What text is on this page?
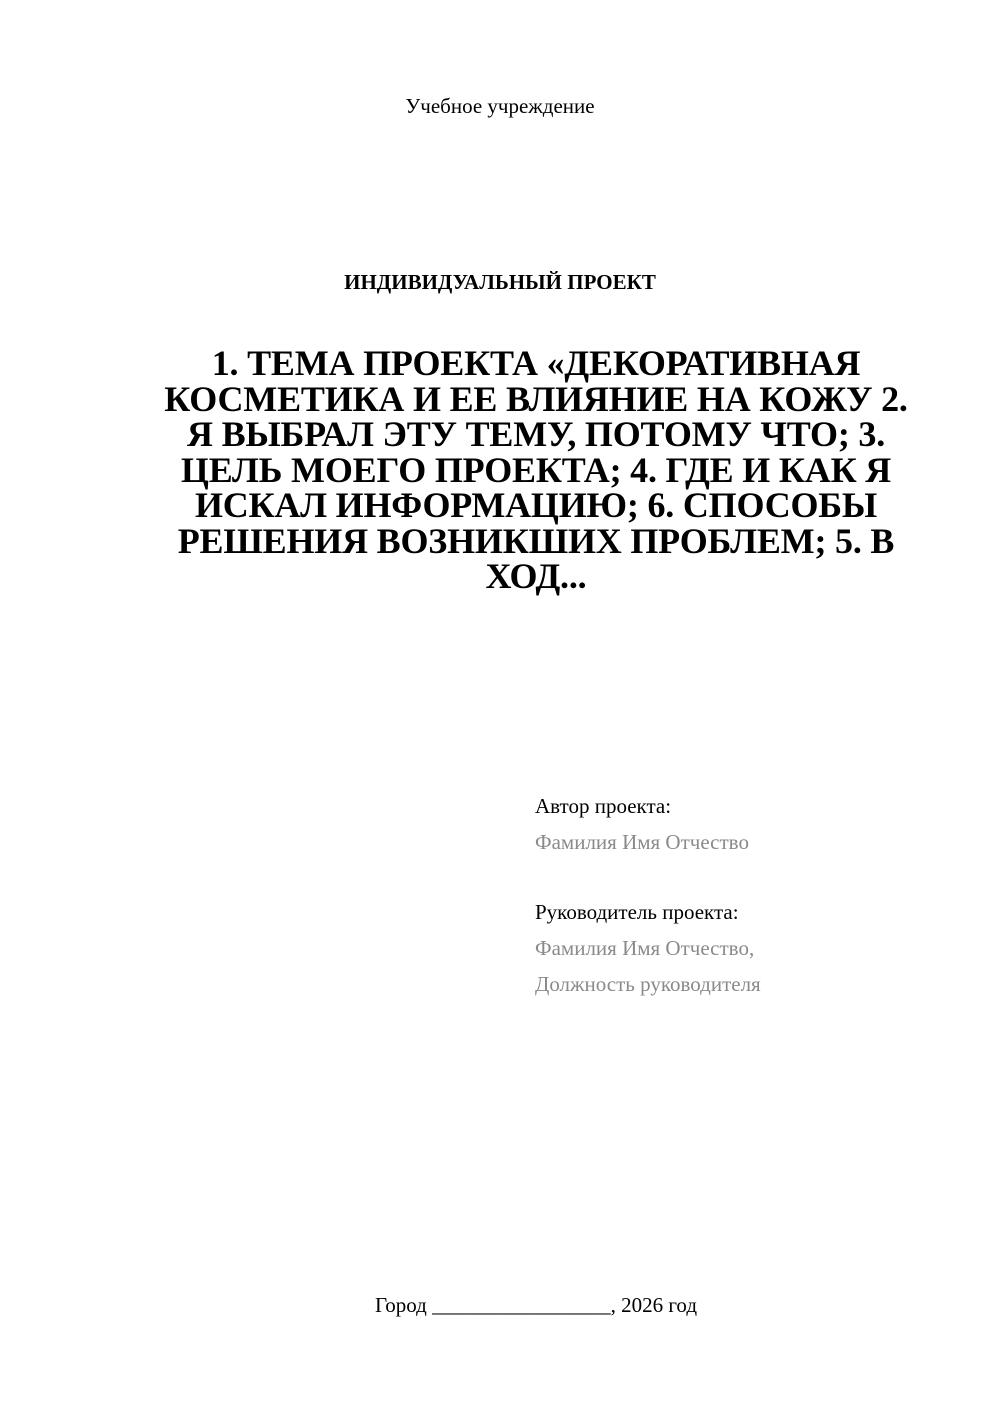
Учебное учреждение
ИНДИВИДУАЛЬНЫЙ ПРОЕКТ
1. ТЕМА ПРОЕКТА «ДЕКОРАТИВНАЯ КОСМЕТИКА И ЕЕ ВЛИЯНИЕ НА КОЖУ 2. Я ВЫБРАЛ ЭТУ ТЕМУ, ПОТОМУ ЧТО; 3. ЦЕЛЬ МОЕГО ПРОЕКТА; 4. ГДЕ И КАК Я ИСКАЛ ИНФОРМАЦИЮ; 6. СПОСОБЫ РЕШЕНИЯ ВОЗНИКШИХ ПРОБЛЕМ; 5. В ХОД...
Автор проекта:
Фамилия Имя Отчество
Руководитель проекта:
Фамилия Имя Отчество,
Должность руководителя
Город _________________, 2026 год
